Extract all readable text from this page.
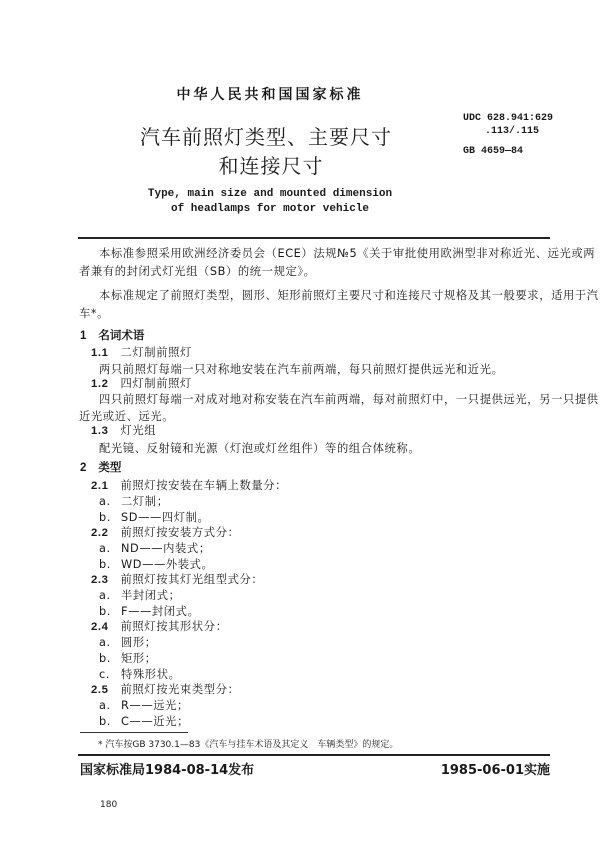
中华人民共和国国家标准
汽车前照灯类型、主要尺寸
和连接尺寸
UDC 628.941:629
.113/.115
GB 4659—84
Type, main size and mounted dimension
of headlamps for motor vehicle
本标准参照采用欧洲经济委员会（ECE）法规№5《关于审批使用欧洲型非对称近光、远光或两
者兼有的封闭式灯光组（SB）的统一规定》。
本标准规定了前照灯类型，圆形、矩形前照灯主要尺寸和连接尺寸规格及其一般要求，适用于汽
车*。
1 名词术语
1.1 二灯制前照灯
两只前照灯每端一只对称地安装在汽车前两端，每只前照灯提供远光和近光。
1.2 四灯制前照灯
四只前照灯每端一对成对地对称安装在汽车前两端，每对前照灯中，一只提供远光，另一只提供
近光或近、远光。
1.3 灯光组
配光镜、反射镜和光源（灯泡或灯丝组件）等的组合体统称。
2 类型
2.1 前照灯按安装在车辆上数量分：
a. 二灯制；
b. SD——四灯制。
2.2 前照灯按安装方式分：
a. ND——内装式；
b. WD——外装式。
2.3 前照灯按其灯光组型式分：
a. 半封闭式；
b. F——封闭式。
2.4 前照灯按其形状分：
a. 圆形；
b. 矩形；
c. 特殊形状。
2.5 前照灯按光束类型分：
a. R——远光；
b. C——近光；
* 汽车按GB 3730.1—83《汽车与挂车术语及其定义　车辆类型》的规定。
国家标准局1984-08-14发布	1985-06-01实施
180
